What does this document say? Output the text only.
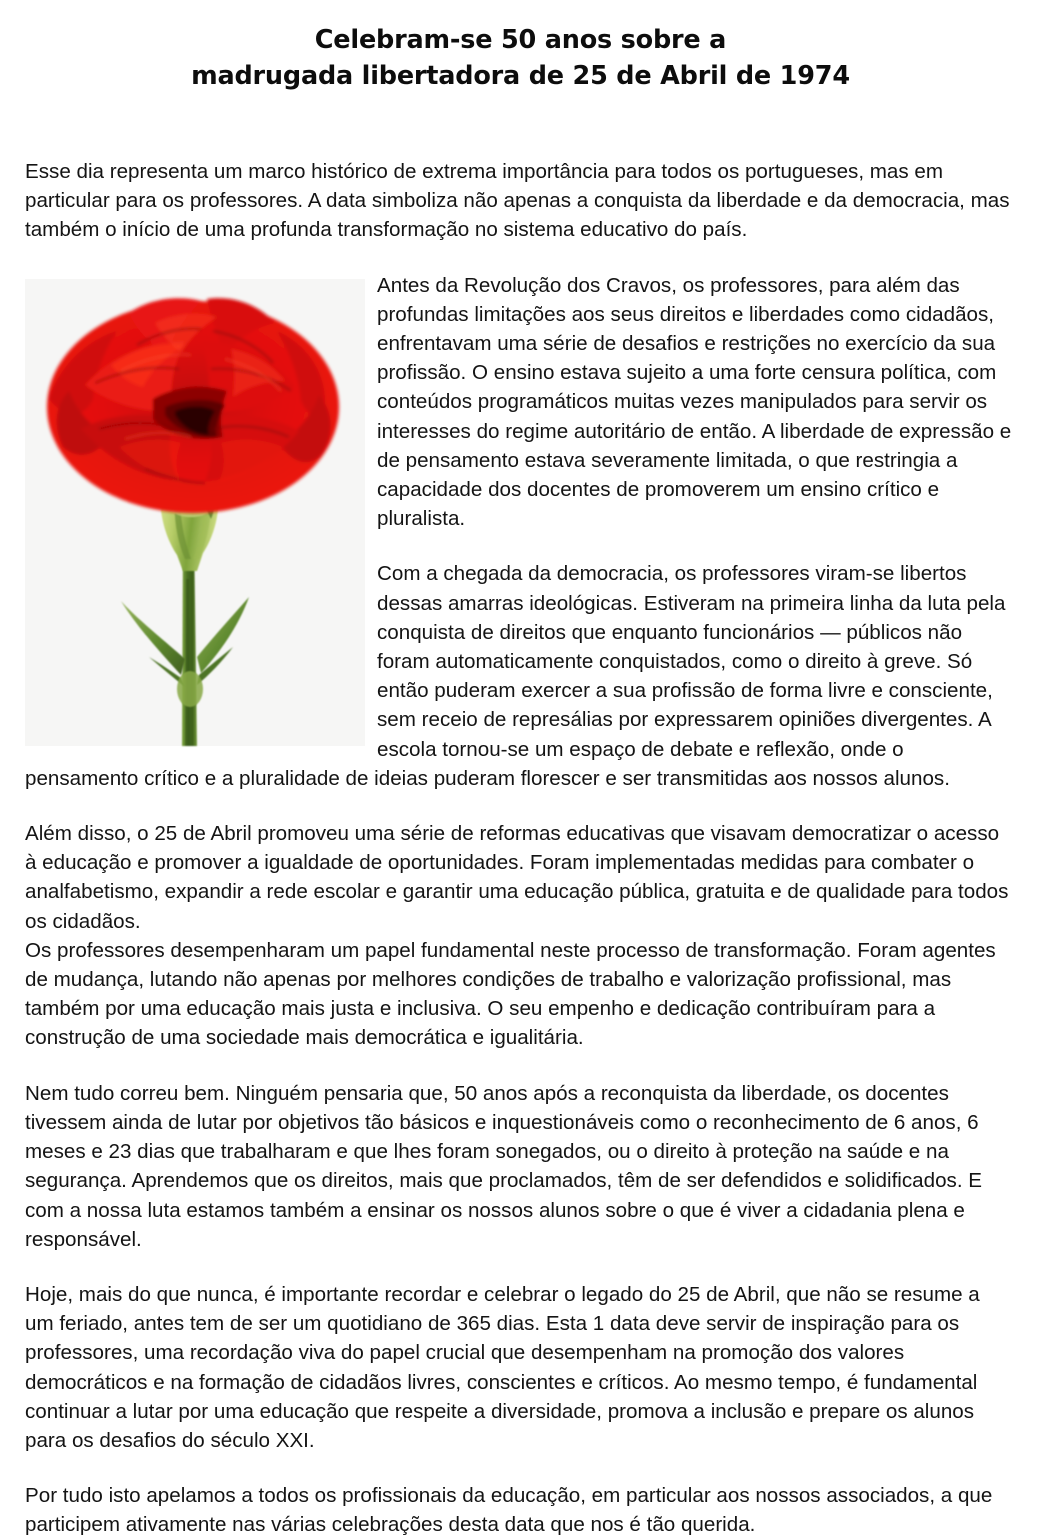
Celebram-se 50 anos sobre a
madrugada libertadora de 25 de Abril de 1974

Esse dia representa um marco histórico de extrema importância para todos os portugueses, mas em particular para os professores. A data simboliza não apenas a conquista da liberdade e da democracia, mas também o início de uma profunda transformação no sistema educativo do país.

Antes da Revolução dos Cravos, os professores, para além das profundas limitações aos seus direitos e liberdades como cidadãos, enfrentavam uma série de desafios e restrições no exercício da sua profissão. O ensino estava sujeito a uma forte censura política, com conteúdos programáticos muitas vezes manipulados para servir os interesses do regime autoritário de então. A liberdade de expressão e de pensamento estava severamente limitada, o que restringia a capacidade dos docentes de promoverem um ensino crítico e pluralista.

Com a chegada da democracia, os professores viram-se libertos dessas amarras ideológicas. Estiveram na primeira linha da luta pela conquista de direitos que enquanto funcionários — públicos não foram automaticamente conquistados, como o direito à greve. Só então puderam exercer a sua profissão de forma livre e consciente, sem receio de represálias por expressarem opiniões divergentes. A escola tornou-se um espaço de debate e reflexão, onde o pensamento crítico e a pluralidade de ideias puderam florescer e ser transmitidas aos nossos alunos.

Além disso, o 25 de Abril promoveu uma série de reformas educativas que visavam democratizar o acesso à educação e promover a igualdade de oportunidades. Foram implementadas medidas para combater o analfabetismo, expandir a rede escolar e garantir uma educação pública, gratuita e de qualidade para todos os cidadãos.

Os professores desempenharam um papel fundamental neste processo de transformação. Foram agentes de mudança, lutando não apenas por melhores condições de trabalho e valorização profissional, mas também por uma educação mais justa e inclusiva. O seu empenho e dedicação contribuíram para a construção de uma sociedade mais democrática e igualitária.

Nem tudo correu bem. Ninguém pensaria que, 50 anos após a reconquista da liberdade, os docentes tivessem ainda de lutar por objetivos tão básicos e inquestionáveis como o reconhecimento de 6 anos, 6 meses e 23 dias que trabalharam e que lhes foram sonegados, ou o direito à proteção na saúde e na segurança. Aprendemos que os direitos, mais que proclamados, têm de ser defendidos e solidificados. E com a nossa luta estamos também a ensinar os nossos alunos sobre o que é viver a cidadania plena e responsável.

Hoje, mais do que nunca, é importante recordar e celebrar o legado do 25 de Abril, que não se resume a um feriado, antes tem de ser um quotidiano de 365 dias. Esta 1 data deve servir de inspiração para os professores, uma recordação viva do papel crucial que desempenham na promoção dos valores democráticos e na formação de cidadãos livres, conscientes e críticos. Ao mesmo tempo, é fundamental continuar a lutar por uma educação que respeite a diversidade, promova a inclusão e prepare os alunos para os desafios do século XXI.

Por tudo isto apelamos a todos os profissionais da educação, em particular aos nossos associados, a que participem ativamente nas várias celebrações desta data que nos é tão querida.
